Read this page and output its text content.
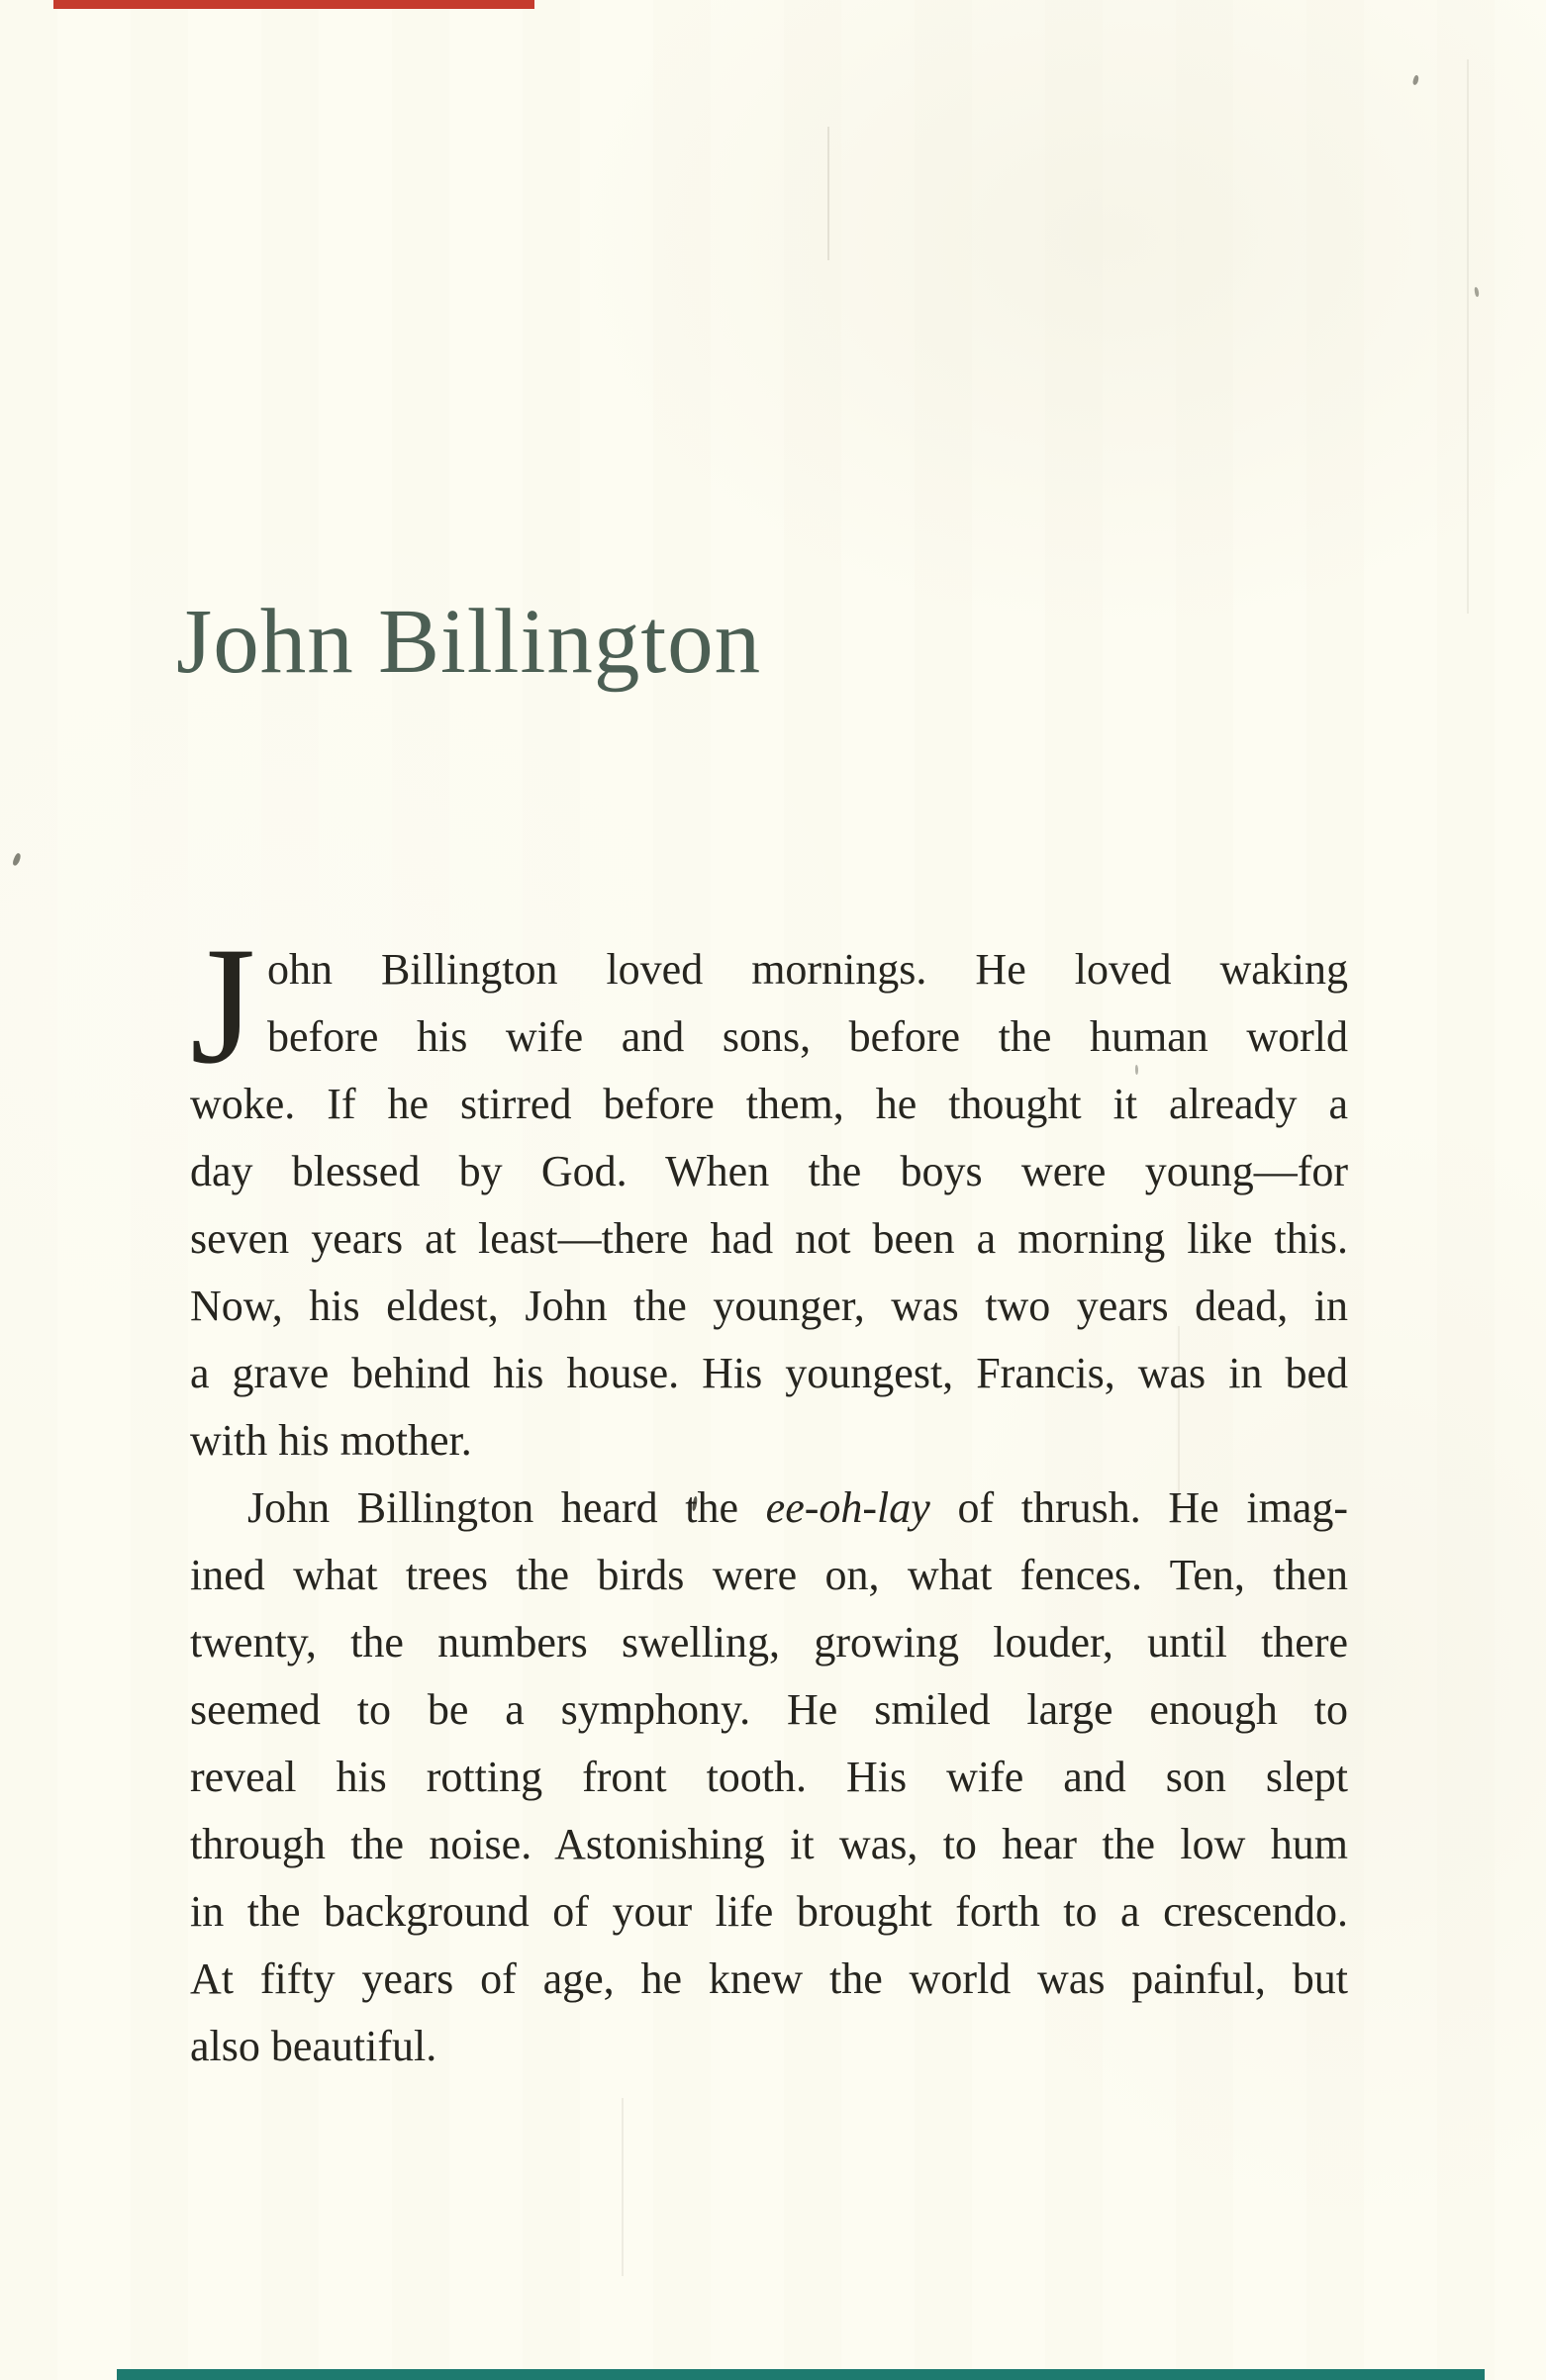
John Billington
J ohn Billington loved mornings. He loved waking
before his wife and sons, before the human world
woke. If he stirred before them, he thought it already a
day blessed by God. When the boys were young—for
seven years at least—there had not been a morning like this.
Now, his eldest, John the younger, was two years dead, in
a grave behind his house. His youngest, Francis, was in bed
with his mother.
John Billington heard the ee-oh-lay of thrush. He imag-
ined what trees the birds were on, what fences. Ten, then
twenty, the numbers swelling, growing louder, until there
seemed to be a symphony. He smiled large enough to
reveal his rotting front tooth. His wife and son slept
through the noise. Astonishing it was, to hear the low hum
in the background of your life brought forth to a crescendo.
At fifty years of age, he knew the world was painful, but
also beautiful.
